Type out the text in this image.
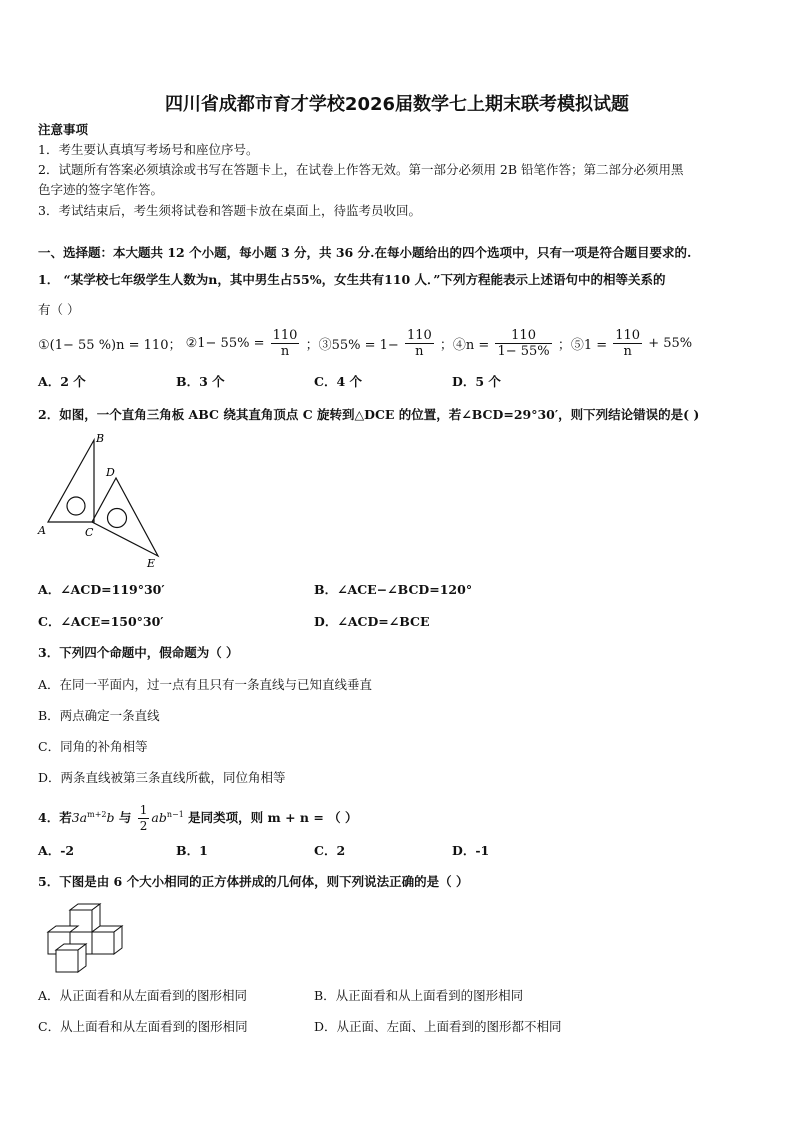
四川省成都市育才学校2026届数学七上期末联考模拟试题
注意事项
1．考生要认真填写考场号和座位序号。
2．试题所有答案必须填涂或书写在答题卡上，在试卷上作答无效。第一部分必须用 2B 铅笔作答；第二部分必须用黑
色字迹的签字笔作答。
3．考试结束后，考生须将试卷和答题卡放在桌面上，待监考员收回。
一、选择题：本大题共 12 个小题，每小题 3 分，共 36 分.在每小题给出的四个选项中，只有一项是符合题目要求的.
1． “某学校七年级学生人数为n，其中男生占55%，女生共有110 人．”下列方程能表示上述语句中的相等关系的
有（ ）
①(1− 55 %)n = 110； ②1− $55\% = \frac{110}{n}$ ；③55% = $1- \frac{110}{n}$ ；④n = $\frac{110}{1- 55\%}$ ；⑤1 = $\frac{110}{n} + 55\%$
A．2 个	B．3 个	C．4 个	D．5 个
2．如图，一个直角三角板 ABC 绕其直角顶点 C 旋转到△DCE 的位置，若∠BCD=29°30′，则下列结论错误的是( )
B
D
A	C
E
A．∠ACD=119°30′	B．∠ACE−∠BCD=120°
C．∠ACE=150°30′	D．∠ACD=∠BCE
3．下列四个命题中，假命题为（ ）
A．在同一平面内，过一点有且只有一条直线与已知直线垂直
B．两点确定一条直线
C．同角的补角相等
D．两条直线被第三条直线所截，同位角相等
4．若$3a^{m+2}b$ 与 $\frac{1}{2} ab^{n-1}$ 是同类项，则 m + n = （ ）
A．-2	B．1	C．2	D．-1
5．下图是由 6 个大小相同的正方体拼成的几何体，则下列说法正确的是（ ）
A．从正面看和从左面看到的图形相同	B．从正面看和从上面看到的图形相同
C．从上面看和从左面看到的图形相同	D．从正面、左面、上面看到的图形都不相同
